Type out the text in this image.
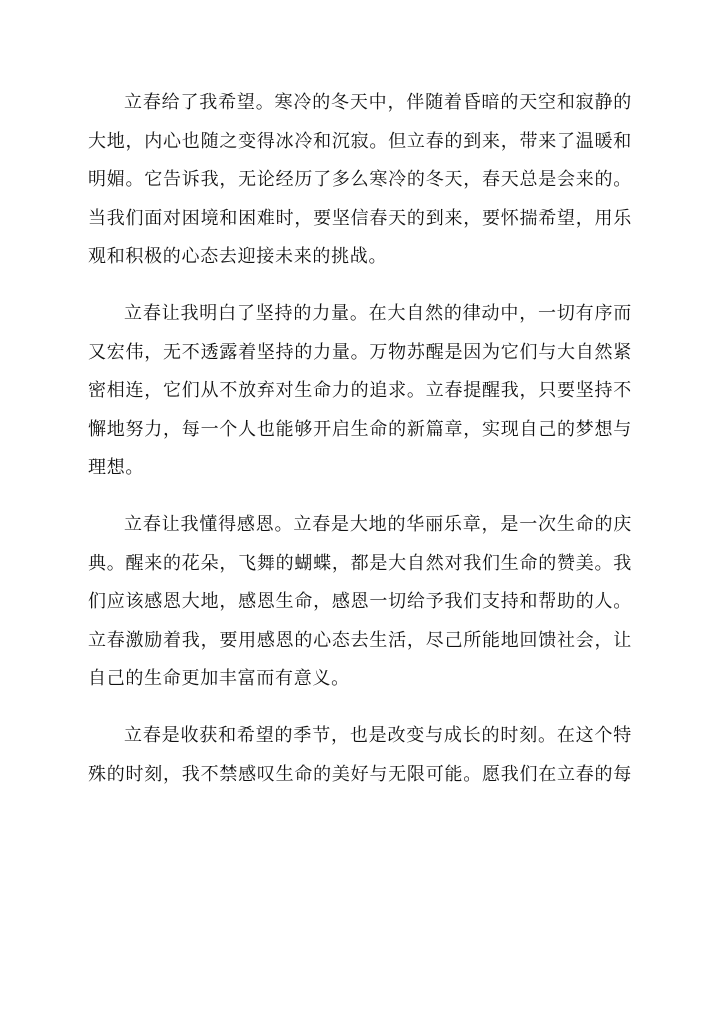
立春给了我希望。寒冷的冬天中，伴随着昏暗的天空和寂静的
大地，内心也随之变得冰冷和沉寂。但立春的到来，带来了温暖和
明媚。它告诉我，无论经历了多么寒冷的冬天，春天总是会来的。
当我们面对困境和困难时，要坚信春天的到来，要怀揣希望，用乐
观和积极的心态去迎接未来的挑战。
立春让我明白了坚持的力量。在大自然的律动中，一切有序而
又宏伟，无不透露着坚持的力量。万物苏醒是因为它们与大自然紧
密相连，它们从不放弃对生命力的追求。立春提醒我，只要坚持不
懈地努力，每一个人也能够开启生命的新篇章，实现自己的梦想与
理想。
立春让我懂得感恩。立春是大地的华丽乐章，是一次生命的庆
典。醒来的花朵，飞舞的蝴蝶，都是大自然对我们生命的赞美。我
们应该感恩大地，感恩生命，感恩一切给予我们支持和帮助的人。
立春激励着我，要用感恩的心态去生活，尽己所能地回馈社会，让
自己的生命更加丰富而有意义。
立春是收获和希望的季节，也是改变与成长的时刻。在这个特
殊的时刻，我不禁感叹生命的美好与无限可能。愿我们在立春的每
